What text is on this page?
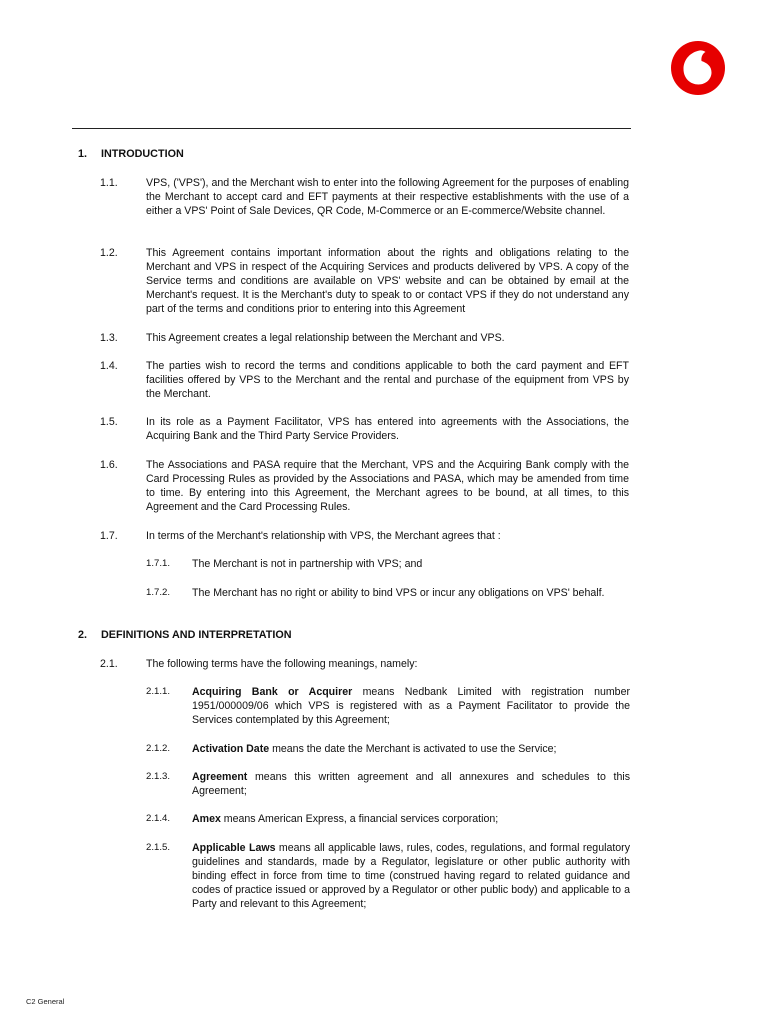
1. INTRODUCTION
1.1.	VPS, ('VPS'), and the Merchant wish to enter into the following Agreement for the purposes of enabling the Merchant to accept card and EFT payments at their respective establishments with the use of a either a VPS' Point of Sale Devices, QR Code, M-Commerce or an E-commerce/Website channel.
1.2.	This Agreement contains important information about the rights and obligations relating to the Merchant and VPS in respect of the Acquiring Services and products delivered by VPS. A copy of the Service terms and conditions are available on VPS' website and can be obtained by email at the Merchant's request. It is the Merchant's duty to speak to or contact VPS if they do not understand any part of the terms and conditions prior to entering into this Agreement
1.3.	This Agreement creates a legal relationship between the Merchant and VPS.
1.4.	The parties wish to record the terms and conditions applicable to both the card payment and EFT facilities offered by VPS to the Merchant and the rental and purchase of the equipment from VPS by the Merchant.
1.5.	In its role as a Payment Facilitator, VPS has entered into agreements with the Associations, the Acquiring Bank and the Third Party Service Providers.
1.6.	The Associations and PASA require that the Merchant, VPS and the Acquiring Bank comply with the Card Processing Rules as provided by the Associations and PASA, which may be amended from time to time. By entering into this Agreement, the Merchant agrees to be bound, at all times, to this Agreement and the Card Processing Rules.
1.7.	In terms of the Merchant's relationship with VPS, the Merchant agrees that :
1.7.1. The Merchant is not in partnership with VPS; and
1.7.2. The Merchant has no right or ability to bind VPS or incur any obligations on VPS' behalf.
2. DEFINITIONS AND INTERPRETATION
2.1.	The following terms have the following meanings, namely:
2.1.1. Acquiring Bank or Acquirer means Nedbank Limited with registration number 1951/000009/06 which VPS is registered with as a Payment Facilitator to provide the Services contemplated by this Agreement;
2.1.2. Activation Date means the date the Merchant is activated to use the Service;
2.1.3. Agreement means this written agreement and all annexures and schedules to this Agreement;
2.1.4. Amex means American Express, a financial services corporation;
2.1.5. Applicable Laws means all applicable laws, rules, codes, regulations, and formal regulatory guidelines and standards, made by a Regulator, legislature or other public authority with binding effect in force from time to time (construed having regard to related guidance and codes of practice issued or approved by a Regulator or other public body) and applicable to a Party and relevant to this Agreement;
C2 General
